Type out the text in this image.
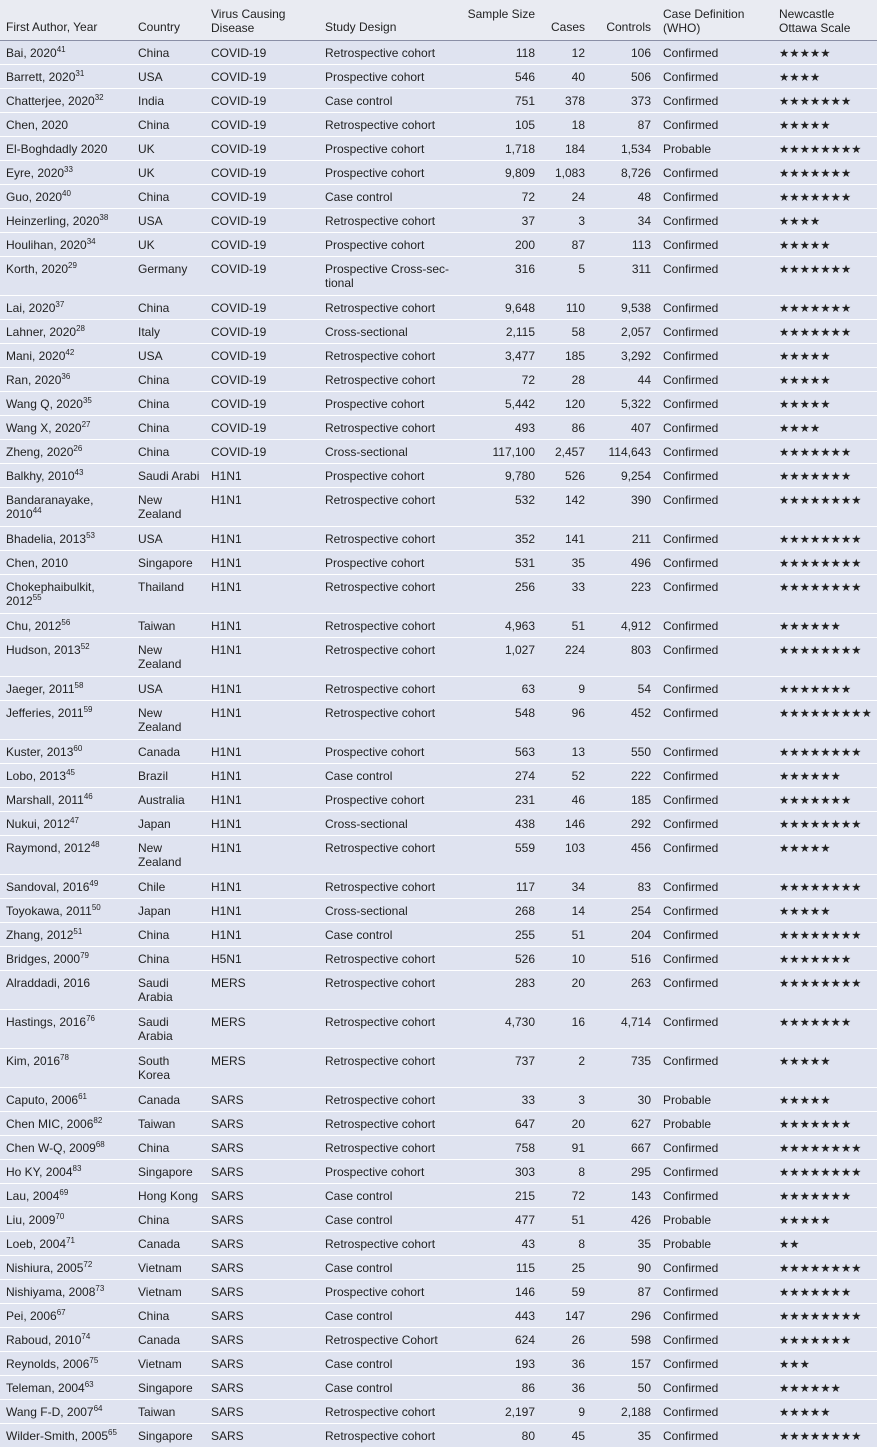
First Author, Year	Country	Virus Causing Disease	Study Design	Sample Size	Cases	Controls	Case Definition (WHO)	Newcastle Ottawa Scale
Bai, 2020$^{41}$	China	COVID-19	Retrospective cohort	118	12	106	Confirmed	★★★★★
Barrett, 2020$^{31}$	USA	COVID-19	Prospective cohort	546	40	506	Confirmed	★★★★
Chatterjee, 2020$^{32}$	India	COVID-19	Case control	751	378	373	Confirmed	★★★★★★★
Chen, 2020	China	COVID-19	Retrospective cohort	105	18	87	Confirmed	★★★★★
El-Boghdadly 2020	UK	COVID-19	Prospective cohort	1,718	184	1,534	Probable	★★★★★★★★
Eyre, 2020$^{33}$	UK	COVID-19	Prospective cohort	9,809	1,083	8,726	Confirmed	★★★★★★★
Guo, 2020$^{40}$	China	COVID-19	Case control	72	24	48	Confirmed	★★★★★★★
Heinzerling, 2020$^{38}$	USA	COVID-19	Retrospective cohort	37	3	34	Confirmed	★★★★
Houlihan, 2020$^{34}$	UK	COVID-19	Prospective cohort	200	87	113	Confirmed	★★★★★
Korth, 2020$^{29}$	Germany	COVID-19	Prospective Cross-sec-tional	316	5	311	Confirmed	★★★★★★★
Lai, 2020$^{37}$	China	COVID-19	Retrospective cohort	9,648	110	9,538	Confirmed	★★★★★★★
Lahner, 2020$^{28}$	Italy	COVID-19	Cross-sectional	2,115	58	2,057	Confirmed	★★★★★★★
Mani, 2020$^{42}$	USA	COVID-19	Retrospective cohort	3,477	185	3,292	Confirmed	★★★★★
Ran, 2020$^{36}$	China	COVID-19	Retrospective cohort	72	28	44	Confirmed	★★★★★
Wang Q, 2020$^{35}$	China	COVID-19	Prospective cohort	5,442	120	5,322	Confirmed	★★★★★
Wang X, 2020$^{27}$	China	COVID-19	Retrospective cohort	493	86	407	Confirmed	★★★★
Zheng, 2020$^{26}$	China	COVID-19	Cross-sectional	117,100	2,457	114,643	Confirmed	★★★★★★★
Balkhy, 2010$^{43}$	Saudi Arabi	H1N1	Prospective cohort	9,780	526	9,254	Confirmed	★★★★★★★
Bandaranayake, 2010$^{44}$	New Zealand	H1N1	Retrospective cohort	532	142	390	Confirmed	★★★★★★★★
Bhadelia, 2013$^{53}$	USA	H1N1	Retrospective cohort	352	141	211	Confirmed	★★★★★★★★
Chen, 2010	Singapore	H1N1	Prospective cohort	531	35	496	Confirmed	★★★★★★★★
Chokephaibulkit, 2012$^{55}$	Thailand	H1N1	Retrospective cohort	256	33	223	Confirmed	★★★★★★★★
Chu, 2012$^{56}$	Taiwan	H1N1	Retrospective cohort	4,963	51	4,912	Confirmed	★★★★★★
Hudson, 2013$^{52}$	New Zealand	H1N1	Retrospective cohort	1,027	224	803	Confirmed	★★★★★★★★
Jaeger, 2011$^{58}$	USA	H1N1	Retrospective cohort	63	9	54	Confirmed	★★★★★★★
Jefferies, 2011$^{59}$	New Zealand	H1N1	Retrospective cohort	548	96	452	Confirmed	★★★★★★★★★
Kuster, 2013$^{60}$	Canada	H1N1	Prospective cohort	563	13	550	Confirmed	★★★★★★★★
Lobo, 2013$^{45}$	Brazil	H1N1	Case control	274	52	222	Confirmed	★★★★★★
Marshall, 2011$^{46}$	Australia	H1N1	Prospective cohort	231	46	185	Confirmed	★★★★★★★
Nukui, 2012$^{47}$	Japan	H1N1	Cross-sectional	438	146	292	Confirmed	★★★★★★★★
Raymond, 2012$^{48}$	New Zealand	H1N1	Retrospective cohort	559	103	456	Confirmed	★★★★★
Sandoval, 2016$^{49}$	Chile	H1N1	Retrospective cohort	117	34	83	Confirmed	★★★★★★★★
Toyokawa, 2011$^{50}$	Japan	H1N1	Cross-sectional	268	14	254	Confirmed	★★★★★
Zhang, 2012$^{51}$	China	H1N1	Case control	255	51	204	Confirmed	★★★★★★★★
Bridges, 2000$^{79}$	China	H5N1	Retrospective cohort	526	10	516	Confirmed	★★★★★★★
Alraddadi, 2016	Saudi Arabia	MERS	Retrospective cohort	283	20	263	Confirmed	★★★★★★★★
Hastings, 2016$^{76}$	Saudi Arabia	MERS	Retrospective cohort	4,730	16	4,714	Confirmed	★★★★★★★
Kim, 2016$^{78}$	South Korea	MERS	Retrospective cohort	737	2	735	Confirmed	★★★★★
Caputo, 2006$^{61}$	Canada	SARS	Retrospective cohort	33	3	30	Probable	★★★★★
Chen MIC, 2006$^{82}$	Taiwan	SARS	Retrospective cohort	647	20	627	Probable	★★★★★★★
Chen W-Q, 2009$^{68}$	China	SARS	Retrospective cohort	758	91	667	Confirmed	★★★★★★★★
Ho KY, 2004$^{83}$	Singapore	SARS	Prospective cohort	303	8	295	Confirmed	★★★★★★★★
Lau, 2004$^{69}$	Hong Kong	SARS	Case control	215	72	143	Confirmed	★★★★★★★
Liu, 2009$^{70}$	China	SARS	Case control	477	51	426	Probable	★★★★★
Loeb, 2004$^{71}$	Canada	SARS	Retrospective cohort	43	8	35	Probable	★★
Nishiura, 2005$^{72}$	Vietnam	SARS	Case control	115	25	90	Confirmed	★★★★★★★★
Nishiyama, 2008$^{73}$	Vietnam	SARS	Prospective cohort	146	59	87	Confirmed	★★★★★★★
Pei, 2006$^{67}$	China	SARS	Case control	443	147	296	Confirmed	★★★★★★★★
Raboud, 2010$^{74}$	Canada	SARS	Retrospective Cohort	624	26	598	Confirmed	★★★★★★★
Reynolds, 2006$^{75}$	Vietnam	SARS	Case control	193	36	157	Confirmed	★★★
Teleman, 2004$^{63}$	Singapore	SARS	Case control	86	36	50	Confirmed	★★★★★★
Wang F-D, 2007$^{64}$	Taiwan	SARS	Retrospective cohort	2,197	9	2,188	Confirmed	★★★★★
Wilder-Smith, 2005$^{65}$	Singapore	SARS	Retrospective cohort	80	45	35	Confirmed	★★★★★★★★
